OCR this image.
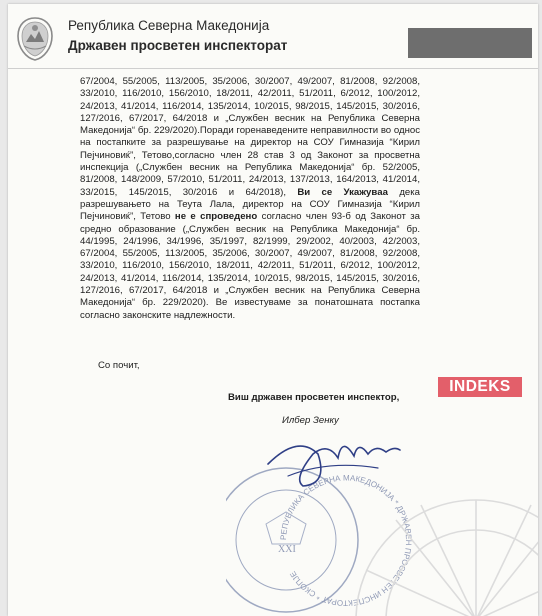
Република Северна Македонија
Државен просветен инспекторат

67/2004, 55/2005, 113/2005, 35/2006, 30/2007, 49/2007, 81/2008, 92/2008, 33/2010, 116/2010, 156/2010, 18/2011, 42/2011, 51/2011, 6/2012, 100/2012, 24/2013, 41/2014, 116/2014, 135/2014, 10/2015, 98/2015, 145/2015, 30/2016, 127/2016, 67/2017, 64/2018 и „Службен весник на Република Северна Македонија“ бр. 229/2020).Поради горенаведените неправилности во однос на постапките за разрешување на директор на СОУ Гимназија “Кирил Пејчиновиќ”, Тетово,согласно член 28 став 3 од Законот за просветна инспекција („Службен весник на Република Македонија“ бр. 52/2005, 81/2008, 148/2009, 57/2010, 51/2011, 24/2013, 137/2013, 164/2013, 41/2014, 33/2015, 145/2015, 30/2016 и 64/2018), Ви се Укажувaa дека разрешувањето на Теута Лала, директор на СОУ Гимназија “Кирил Пејчиновиќ”, Тетово не е спроведено согласно член 93-б од Законот за средно образование („Службен весник на Република Македонија“ бр. 44/1995, 24/1996, 34/1996, 35/1997, 82/1999, 29/2002, 40/2003, 42/2003, 67/2004, 55/2005, 113/2005, 35/2006, 30/2007, 49/2007, 81/2008, 92/2008, 33/2010, 116/2010, 156/2010, 18/2011, 42/2011, 51/2011, 6/2012, 100/2012, 24/2013, 41/2014, 116/2014, 135/2014, 10/2015, 98/2015, 145/2015, 30/2016, 127/2016, 67/2017, 64/2018 и „Службен весник на Република Северна Македонија“ бр. 229/2020). Ве известуваме за понатошната постапка согласно законските надлежности.

Со почит,
Виш државен просветен инспектор,
Илбер Зенку
INDEKS
РЕПУБЛИКА СЕВЕРНА МАКЕДОНИЈА * ДРЖАВЕН ПРОСВЕТЕН ИНСПЕКТОРАТ * СКОПЈЕ
XXI
